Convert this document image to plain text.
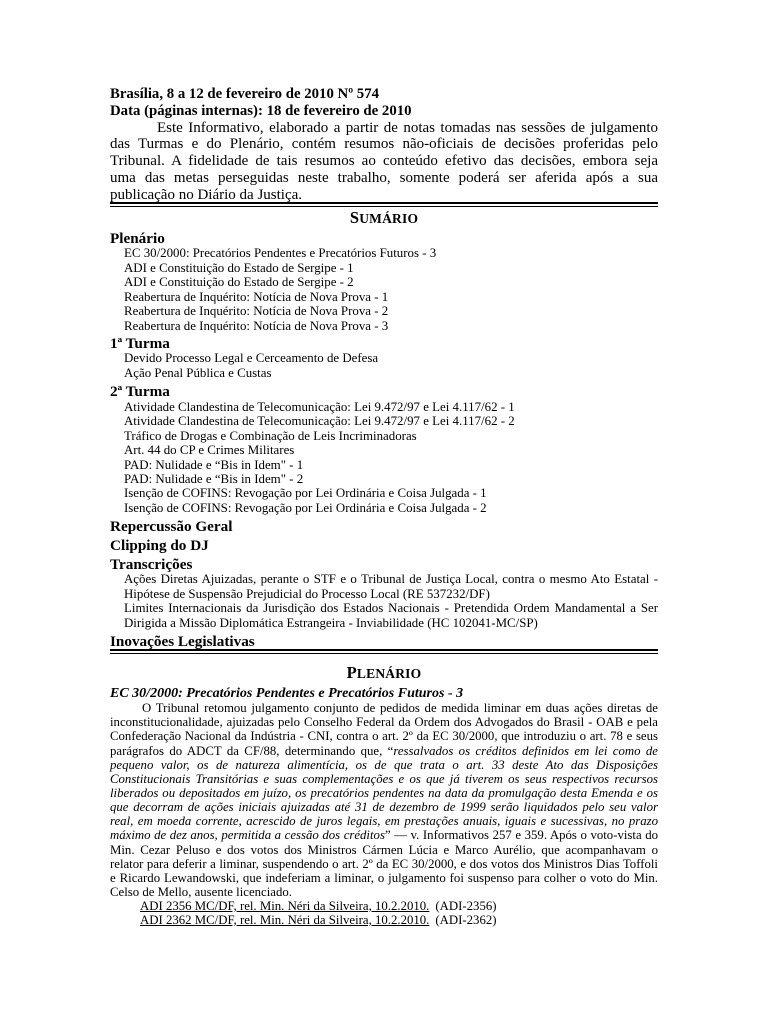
Brasília, 8 a 12 de fevereiro de 2010 Nº 574
Data (páginas internas): 18 de fevereiro de 2010
Este Informativo, elaborado a partir de notas tomadas nas sessões de julgamento
das Turmas e do Plenário, contém resumos não-oficiais de decisões proferidas pelo
Tribunal. A fidelidade de tais resumos ao conteúdo efetivo das decisões, embora seja
uma das metas perseguidas neste trabalho, somente poderá ser aferida após a sua
publicação no Diário da Justiça.
SUMÁRIO
Plenário
EC 30/2000: Precatórios Pendentes e Precatórios Futuros - 3
ADI e Constituição do Estado de Sergipe - 1
ADI e Constituição do Estado de Sergipe - 2
Reabertura de Inquérito: Notícia de Nova Prova - 1
Reabertura de Inquérito: Notícia de Nova Prova - 2
Reabertura de Inquérito: Notícia de Nova Prova - 3
1ª Turma
Devido Processo Legal e Cerceamento de Defesa
Ação Penal Pública e Custas
2ª Turma
Atividade Clandestina de Telecomunicação: Lei 9.472/97 e Lei 4.117/62 - 1
Atividade Clandestina de Telecomunicação: Lei 9.472/97 e Lei 4.117/62 - 2
Tráfico de Drogas e Combinação de Leis Incriminadoras
Art. 44 do CP e Crimes Militares
PAD: Nulidade e “Bis in Idem" - 1
PAD: Nulidade e “Bis in Idem" - 2
Isenção de COFINS: Revogação por Lei Ordinária e Coisa Julgada - 1
Isenção de COFINS: Revogação por Lei Ordinária e Coisa Julgada - 2
Repercussão Geral
Clipping do DJ
Transcrições
Ações Diretas Ajuizadas, perante o STF e o Tribunal de Justiça Local, contra o mesmo Ato Estatal -
Hipótese de Suspensão Prejudicial do Processo Local (RE 537232/DF)
Limites Internacionais da Jurisdição dos Estados Nacionais - Pretendida Ordem Mandamental a Ser
Dirigida a Missão Diplomática Estrangeira - Inviabilidade (HC 102041-MC/SP)
Inovações Legislativas
PLENÁRIO
EC 30/2000: Precatórios Pendentes e Precatórios Futuros - 3
O Tribunal retomou julgamento conjunto de pedidos de medida liminar em duas ações diretas de
inconstitucionalidade, ajuizadas pelo Conselho Federal da Ordem dos Advogados do Brasil - OAB e pela
Confederação Nacional da Indústria - CNI, contra o art. 2º da EC 30/2000, que introduziu o art. 78 e seus
parágrafos do ADCT da CF/88, determinando que, “ressalvados os créditos definidos em lei como de
pequeno valor, os de natureza alimentícia, os de que trata o art. 33 deste Ato das Disposições
Constitucionais Transitórias e suas complementações e os que já tiverem os seus respectivos recursos
liberados ou depositados em juízo, os precatórios pendentes na data da promulgação desta Emenda e os
que decorram de ações iniciais ajuizadas até 31 de dezembro de 1999 serão liquidados pelo seu valor
real, em moeda corrente, acrescido de juros legais, em prestações anuais, iguais e sucessivas, no prazo
máximo de dez anos, permitida a cessão dos créditos” — v. Informativos 257 e 359. Após o voto-vista do
Min. Cezar Peluso e dos votos dos Ministros Cármen Lúcia e Marco Aurélio, que acompanhavam o
relator para deferir a liminar, suspendendo o art. 2º da EC 30/2000, e dos votos dos Ministros Dias Toffoli
e Ricardo Lewandowski, que indeferiam a liminar, o julgamento foi suspenso para colher o voto do Min.
Celso de Mello, ausente licenciado.
ADI 2356 MC/DF, rel. Min. Néri da Silveira, 10.2.2010. (ADI-2356)
ADI 2362 MC/DF, rel. Min. Néri da Silveira, 10.2.2010. (ADI-2362)
